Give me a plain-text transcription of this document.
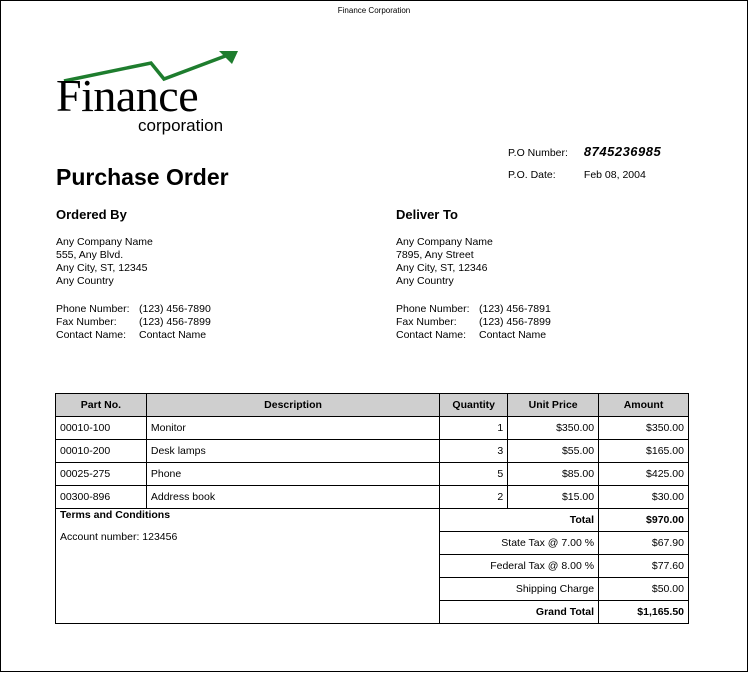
Finance Corporation
Finance
corporation
P.O Number: 8745236985
P.O. Date:	Feb 08, 2004
Purchase Order
Ordered By
Any Company Name
555, Any Blvd.
Any City, ST, 12345
Any Country
Phone Number: (123) 456-7890
Fax Number: (123) 456-7899
Contact Name: Contact Name
Deliver To
Any Company Name
7895, Any Street
Any City, ST, 12346
Any Country
Phone Number: (123) 456-7891
Fax Number: (123) 456-7899
Contact Name: Contact Name
Part No.	Description	Quantity	Unit Price	Amount
00010-100	Monitor	1	$350.00	$350.00
00010-200	Desk lamps	3	$55.00	$165.00
00025-275	Phone	5	$85.00	$425.00
00300-896	Address book	2	$15.00	$30.00

Terms and Conditions
Account number: 123456		Total		$970.00
		State Tax @ 7.00 %		$67.90
		Federal Tax @ 8.00 %		$77.60
		Shipping Charge		$50.00
		Grand Total		$1,165.50
